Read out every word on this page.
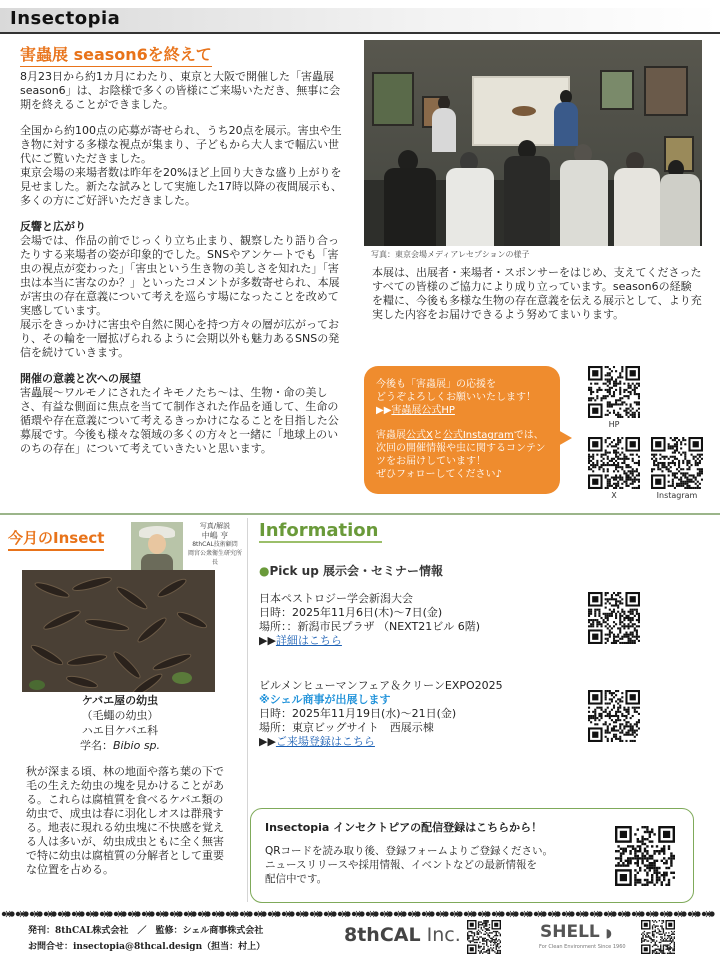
Insectopia
害蟲展 season6を終えて

8月23日から約1カ月にわたり、東京と大阪で開催した「害蟲展 season6」は、お陰様で多くの皆様にご来場いただき、無事に会期を終えることができました。

全国から約100点の応募が寄せられ、うち20点を展示。害虫や生き物に対する多様な視点が集まり、子どもから大人まで幅広い世代にご覧いただきました。

東京会場の来場者数は昨年を20%ほど上回り大きな盛り上がりを見せました。新たな試みとして実施した17時以降の夜間展示も、多くの方にご好評いただきました。

反響と広がり

会場では、作品の前でじっくり立ち止まり、観察したり語り合ったりする来場者の姿が印象的でした。SNSやアンケートでも「害虫の視点が変わった」「害虫という生き物の美しさを知れた」「害虫は本当に害なのか？」といったコメントが多数寄せられ、本展が害虫の存在意義について考えを巡らす場になったことを改めて実感しています。

展示をきっかけに害虫や自然に関心を持つ方々の層が広がっており、その輪を一層拡げられるように会期以外も魅力あるSNSの発信を続けていきます。

開催の意義と次への展望

害蟲展〜ワルモノにされたイキモノたち〜は、生物・命の美しさ、有益な側面に焦点を当てて制作された作品を通して、生命の循環や存在意義について考えるきっかけになることを目指した公募展です。今後も様々な領域の多くの方々と一緒に「地球上のいのちの存在」について考えていきたいと思います。

写真：東京会場メディアレセプションの様子
本展は、出展者・来場者・スポンサーをはじめ、支えてくださったすべての皆様のご協力により成り立っています。season6の経験を糧に、今後も多様な生物の存在意義を伝える展示として、より充実した内容をお届けできるよう努めてまいります。
今後も「害蟲展」の応援を
どうぞよろしくお願いいたします！
▶▶害蟲展公式HP
害蟲展公式Xと公式Instagramでは、次回の開催情報や虫に関するコンテンツをお届けしています！
ぜひフォローしてください♪
HP
X	Instagram
今月のInsect
写真/解説
中嶋 亨
8thCAL技術顧問
岡宮公衆衛生研究所長
ケバエ屋の幼虫
（毛蠅の幼虫）
ハエ目ケバエ科
学名：Bibio sp.
秋が深まる頃、林の地面や落ち葉の下で毛の生えた幼虫の塊を見かけることがある。これらは腐植質を食べるケバエ類の幼虫で、成虫は春に羽化しオスは群飛する。地表に現れる幼虫塊に不快感を覚える人は多いが、幼虫成虫ともに全く無害で特に幼虫は腐植質の分解者として重要な位置を占める。
Information
●Pick up 展示会・セミナー情報
日本ペストロジー学会新潟大会
日時：2025年11月6日(木)〜7日(金)
場所：：新潟市民プラザ （NEXT21ビル 6階)
▶▶詳細はこちら
ビルメンヒューマンフェア＆クリーンEXPO2025
※シェル商事が出展します
日時：2025年11月19日(水)〜21日(金)
場所：東京ビッグサイト　西展示棟
▶▶ご来場登録はこちら
Insectopia インセクトピアの配信登録はこちらから！
QRコードを読み取り後、登録フォームよりご登録ください。
ニュースリリースや採用情報、イベントなどの最新情報を
配信中です。
発刊：8thCAL株式会社　／　監修：シェル商事株式会社
お問合せ：insectopia@8thcal.design（担当：村上）
8thCAL Inc.	SHELL ◗
For Clean Environment Since 1960
